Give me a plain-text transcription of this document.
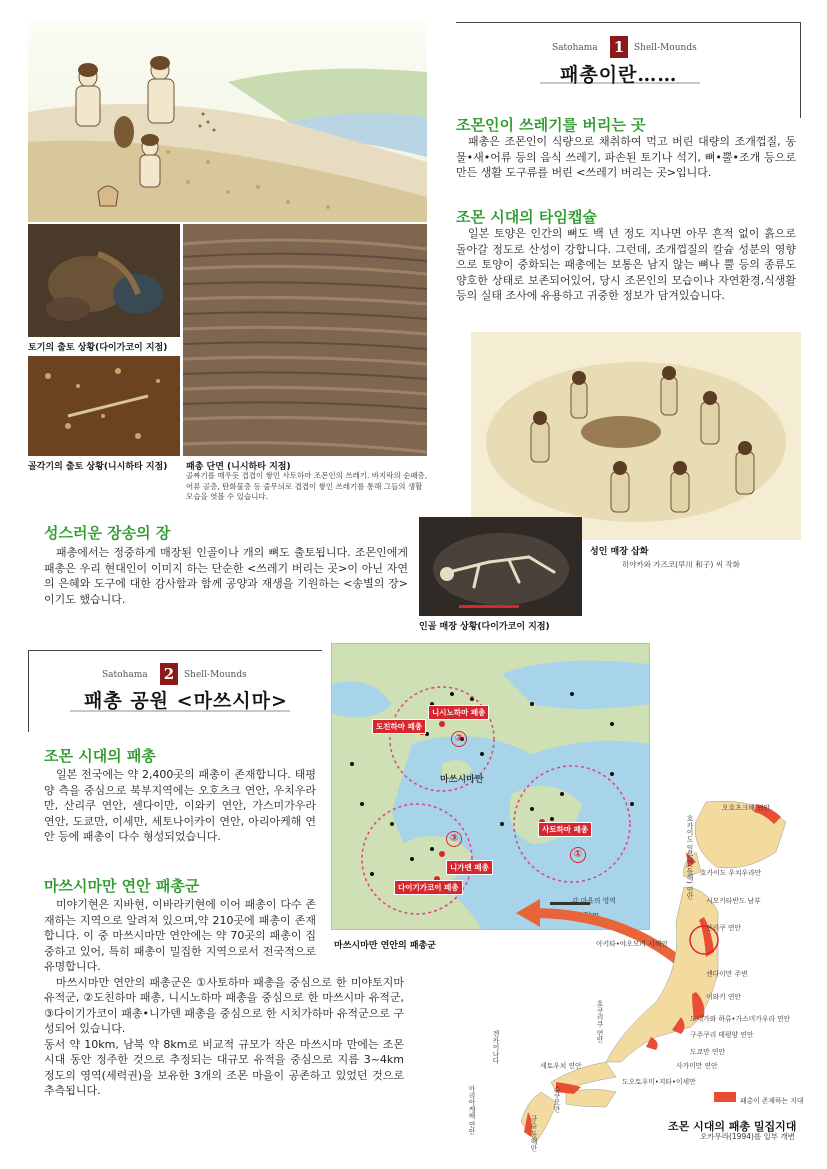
토기의 출토 상황(다이가코이 지점)
골각기의 출토 상황(니시하타 지점) 패총 단면 (니시하타 지점)
골짜기를 매우듯 겹겹이 쌓인 사토하마 조몬인의 쓰레기. 바지락의 순패층, 어류 골층, 탄화물층 등 줄무늬로 겹겹이 쌓인 쓰레기를 통해 그들의 생활 모습을 엿볼 수 있습니다.
Satohama 1	Shell-Mounds
패총이란……
조몬인이 쓰레기를 버리는 곳

패총은 조몬인이 식량으로 채취하여 먹고 버린 대량의 조개껍질, 동물•새•어류 등의 음식 쓰레기, 파손된 토기나 석기, 뼈•뿔•조개 등으로 만든 생활 도구류를 버린 <쓰레기 버리는 곳>입니다.

조몬 시대의 타임캡슐

일본 토양은 인간의 뼈도 백 년 정도 지나면 아무 흔적 없이 흙으로 돌아갈 정도로 산성이 강합니다. 그런데, 조개껍질의 칼슘 성분의 영향으로 토양이 중화되는 패총에는 보통은 남지 않는 뼈나 뿔 등의 종류도 양호한 상태로 보존되어있어, 당시 조몬인의 모습이나 자연환경,식생활 등의 실태 조사에 유용하고 귀중한 정보가 담겨있습니다.

성인 매장 삽화
히야카와 가즈코(早川 和子) 씨 작화
인골 매장 상황(다이가코이 지점)
성스러운 장송의 장

패총에서는 정중하게 매장된 인골이나 개의 뼈도 출토됩니다. 조몬인에게 패총은 우리 현대인이 이미지 하는 단순한 <쓰레기 버리는 곳>이 아닌 자연의 은혜와 도구에 대한 감사함과 함께 공양과 재생을 기원하는 <송별의 장>이기도 했습니다.

Satohama 2	Shell-Mounds
패총 공원 <마쓰시마>
조몬 시대의 패총

일본 전국에는 약 2,400곳의 패총이 존재합니다. 태평양 측을 중심으로 북부지역에는 오호츠크 연안, 우치우라만, 산리쿠 연안, 센다이만, 이와키 연안, 가스미가우라 연안, 도쿄만, 이세만, 세토나이카이 연안, 아리아케해 연안 등에 패총이 다수 형성되었습니다.

마쓰시마만 연안 패총군

미야기현은 지바현, 이바라키현에 이어 패총이 다수 존재하는 지역으로 알려져 있으며,약 210곳에 패총이 존재합니다. 이 중 마쓰시마만 연안에는 약 70곳의 패총이 집중하고 있어, 특히 패총이 밀집한 지역으로서 전국적으로 유명합니다.

마쓰시마만 연안의 패총군은 ①사토하마 패총을 중심으로 한 미야토지마 유적군, ②도친하마 패총, 니시노하마 패총을 중심으로 한 마쓰시마 유적군, ③다이기가코이 패총•니가덴 패총을 중심으로 한 시치가하마 유적군으로 구성되어 있습니다.

동서 약 10km, 남북 약 8km로 비교적 규모가 작은 마쓰시마 만에는 조몬 시대 동안 정주한 것으로 추정되는 대규모 유적을 중심으로 지름 3~4km 정도의 영역(세력권)을 보유한 3개의 조몬 마을이 공존하고 있었던 것으로 추측됩니다.

도친하마 패총
니시노하마 패총
사토하마 패총
니가덴 패총
다이기가코이 패총
②
①
③
마쓰시마만
각 마을의 영역
0	5km
마쓰시마만 연안의 패총군
오호츠크해 연안
호카이도 우치우라만
시모키타반도 남부
산리쿠 연안
아키타•야오모리 서해안
센다이만 주변
이와키 연안
도네가와 하류•가스미가우라 연안
구주쿠리 태평양 연안
도쿄만 연안
사가미만 연안
도오토우미•지타•이세만
호쿠리쿠 연안
세토우치 연안
겐카이나다
아리아케해 연안	규슈 동해안
스쿠모만
호카이도 일본해(동해) 연안
패총이 존재하는 지대
조몬 시대의 패총 밀집지대
오카무라(1994)를 일부 개변
